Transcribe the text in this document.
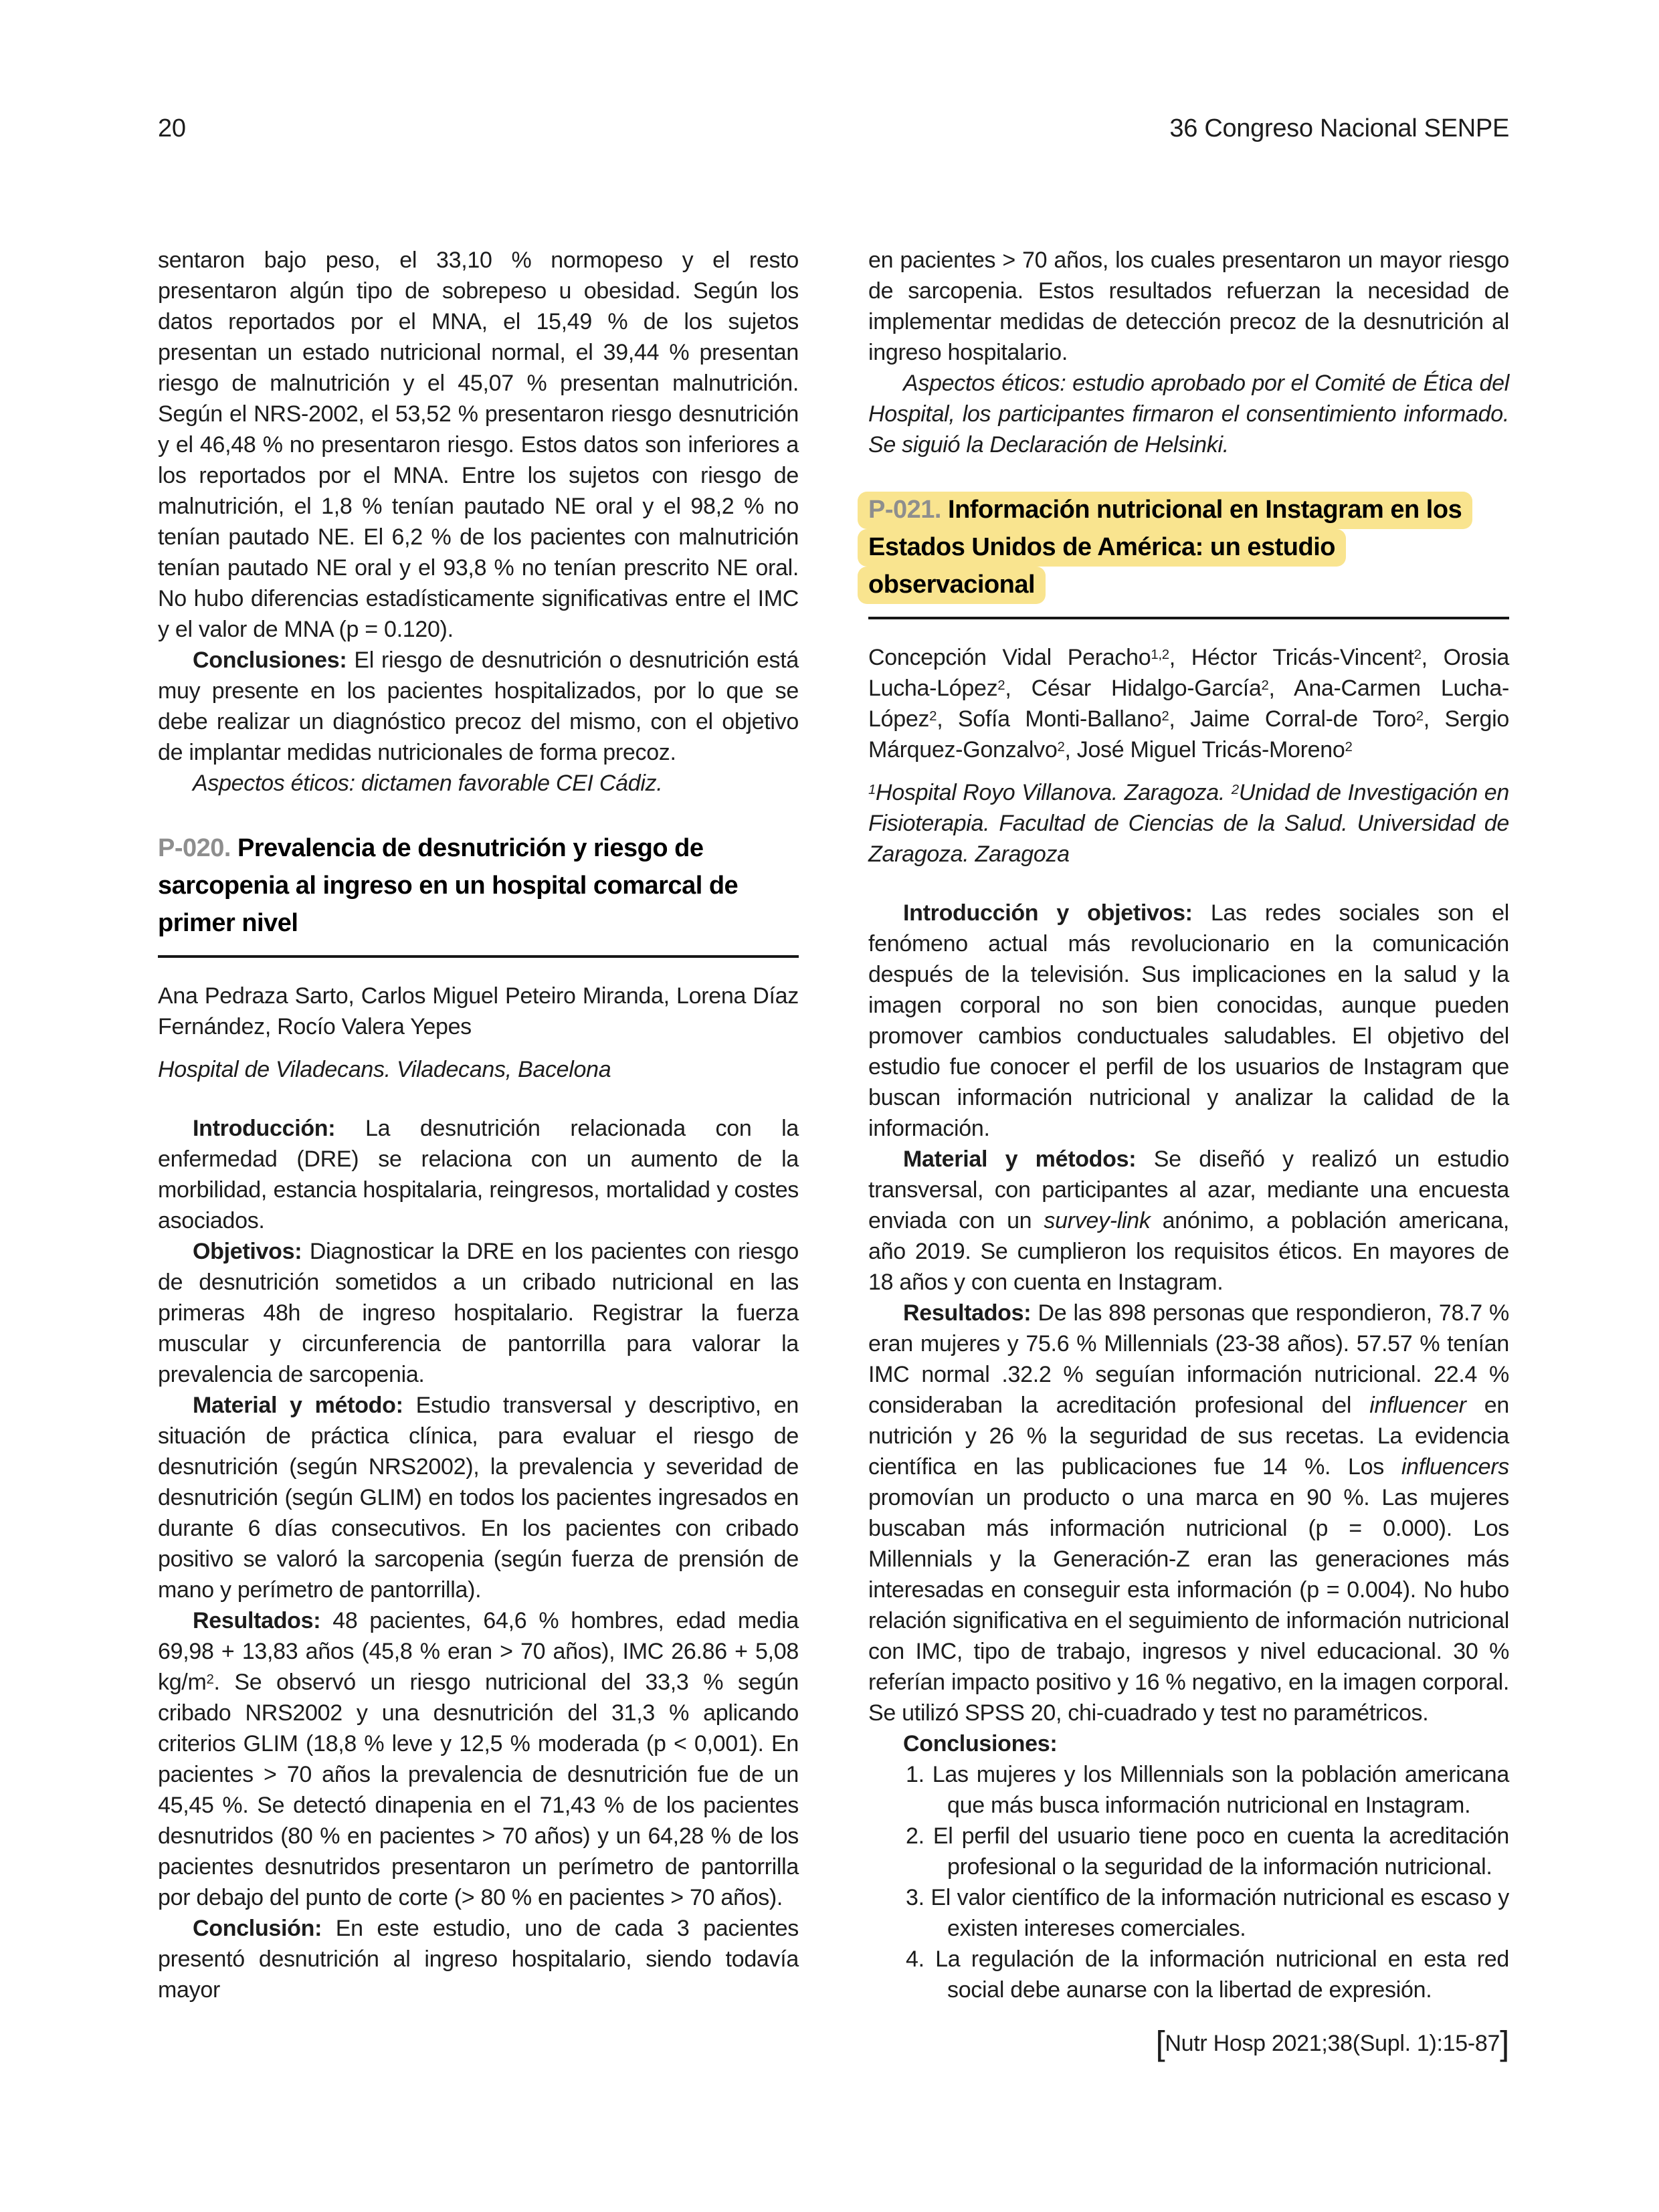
20	36 Congreso Nacional SENPE

sentaron bajo peso, el 33,10 % normopeso y el resto presentaron algún tipo de sobrepeso u obesidad. Según los datos reportados por el MNA, el 15,49 % de los sujetos presentan un estado nutricional normal, el 39,44 % presentan riesgo de malnutrición y el 45,07 % presentan malnutrición. Según el NRS-2002, el 53,52 % presentaron riesgo desnutrición y el 46,48 % no presentaron riesgo. Estos datos son inferiores a los reportados por el MNA. Entre los sujetos con riesgo de malnutrición, el 1,8 % tenían pautado NE oral y el 98,2 % no tenían pautado NE. El 6,2 % de los pacientes con malnutrición tenían pautado NE oral y el 93,8 % no tenían prescrito NE oral. No hubo diferencias estadísticamente significativas entre el IMC y el valor de MNA (p = 0.120).

Conclusiones: El riesgo de desnutrición o desnutrición está muy presente en los pacientes hospitalizados, por lo que se debe realizar un diagnóstico precoz del mismo, con el objetivo de implantar medidas nutricionales de forma precoz.

Aspectos éticos: dictamen favorable CEI Cádiz.

P-020. Prevalencia de desnutrición y riesgo de sarcopenia al ingreso en un hospital comarcal de primer nivel

Ana Pedraza Sarto, Carlos Miguel Peteiro Miranda, Lorena Díaz Fernández, Rocío Valera Yepes

Hospital de Viladecans. Viladecans, Bacelona

Introducción: La desnutrición relacionada con la enfermedad (DRE) se relaciona con un aumento de la morbilidad, estancia hospitalaria, reingresos, mortalidad y costes asociados.

Objetivos: Diagnosticar la DRE en los pacientes con riesgo de desnutrición sometidos a un cribado nutricional en las primeras 48h de ingreso hospitalario. Registrar la fuerza muscular y circunferencia de pantorrilla para valorar la prevalencia de sarcopenia.

Material y método: Estudio transversal y descriptivo, en situación de práctica clínica, para evaluar el riesgo de desnutrición (según NRS2002), la prevalencia y severidad de desnutrición (según GLIM) en todos los pacientes ingresados en durante 6 días consecutivos. En los pacientes con cribado positivo se valoró la sarcopenia (según fuerza de prensión de mano y perímetro de pantorrilla).

Resultados: 48 pacientes, 64,6 % hombres, edad media 69,98 + 13,83 años (45,8 % eran > 70 años), IMC 26.86 + 5,08 $kg/m^2$. Se observó un riesgo nutricional del 33,3 % según cribado NRS2002 y una desnutrición del 31,3 % aplicando criterios GLIM (18,8 % leve y 12,5 % moderada (p < 0,001). En pacientes > 70 años la prevalencia de desnutrición fue de un 45,45 %. Se detectó dinapenia en el 71,43 % de los pacientes desnutridos (80 % en pacientes > 70 años) y un 64,28 % de los pacientes desnutridos presentaron un perímetro de pantorrilla por debajo del punto de corte (> 80 % en pacientes > 70 años).

Conclusión: En este estudio, uno de cada 3 pacientes presentó desnutrición al ingreso hospitalario, siendo todavía mayor

en pacientes > 70 años, los cuales presentaron un mayor riesgo de sarcopenia. Estos resultados refuerzan la necesidad de implementar medidas de detección precoz de la desnutrición al ingreso hospitalario.

Aspectos éticos: estudio aprobado por el Comité de Ética del Hospital, los participantes firmaron el consentimiento informado. Se siguió la Declaración de Helsinki.

P-021. Información nutricional en Instagram en los Estados Unidos de América: un estudio observacional

Concepción Vidal Peracho$^{1,2}$, Héctor Tricás-Vincent$^2$, Orosia Lucha-López$^2$, César Hidalgo-García$^2$, Ana-Carmen Lucha-López$^2$, Sofía Monti-Ballano$^2$, Jaime Corral-de Toro$^2$, Sergio Márquez-Gonzalvo$^2$, José Miguel Tricás-Moreno$^2$

$^1$Hospital Royo Villanova. Zaragoza. $^2$Unidad de Investigación en Fisioterapia. Facultad de Ciencias de la Salud. Universidad de Zaragoza. Zaragoza

Introducción y objetivos: Las redes sociales son el fenómeno actual más revolucionario en la comunicación después de la televisión. Sus implicaciones en la salud y la imagen corporal no son bien conocidas, aunque pueden promover cambios conductuales saludables. El objetivo del estudio fue conocer el perfil de los usuarios de Instagram que buscan información nutricional y analizar la calidad de la información.

Material y métodos: Se diseñó y realizó un estudio transversal, con participantes al azar, mediante una encuesta enviada con un survey-link anónimo, a población americana, año 2019. Se cumplieron los requisitos éticos. En mayores de 18 años y con cuenta en Instagram.

Resultados: De las 898 personas que respondieron, 78.7 % eran mujeres y 75.6 % Millennials (23-38 años). 57.57 % tenían IMC normal .32.2 % seguían información nutricional. 22.4 % consideraban la acreditación profesional del influencer en nutrición y 26 % la seguridad de sus recetas. La evidencia científica en las publicaciones fue 14 %. Los influencers promovían un producto o una marca en 90 %. Las mujeres buscaban más información nutricional (p = 0.000). Los Millennials y la Generación-Z eran las generaciones más interesadas en conseguir esta información (p = 0.004). No hubo relación significativa en el seguimiento de información nutricional con IMC, tipo de trabajo, ingresos y nivel educacional. 30 % referían impacto positivo y 16 % negativo, en la imagen corporal. Se utilizó SPSS 20, chi-cuadrado y test no paramétricos.

Conclusiones:

1. Las mujeres y los Millennials son la población americana que más busca información nutricional en Instagram.
2. El perfil del usuario tiene poco en cuenta la acreditación profesional o la seguridad de la información nutricional.
3. El valor científico de la información nutricional es escaso y existen intereses comerciales.
4. La regulación de la información nutricional en esta red social debe aunarse con la libertad de expresión.
[Nutr Hosp 2021;38(Supl. 1):15-87]
